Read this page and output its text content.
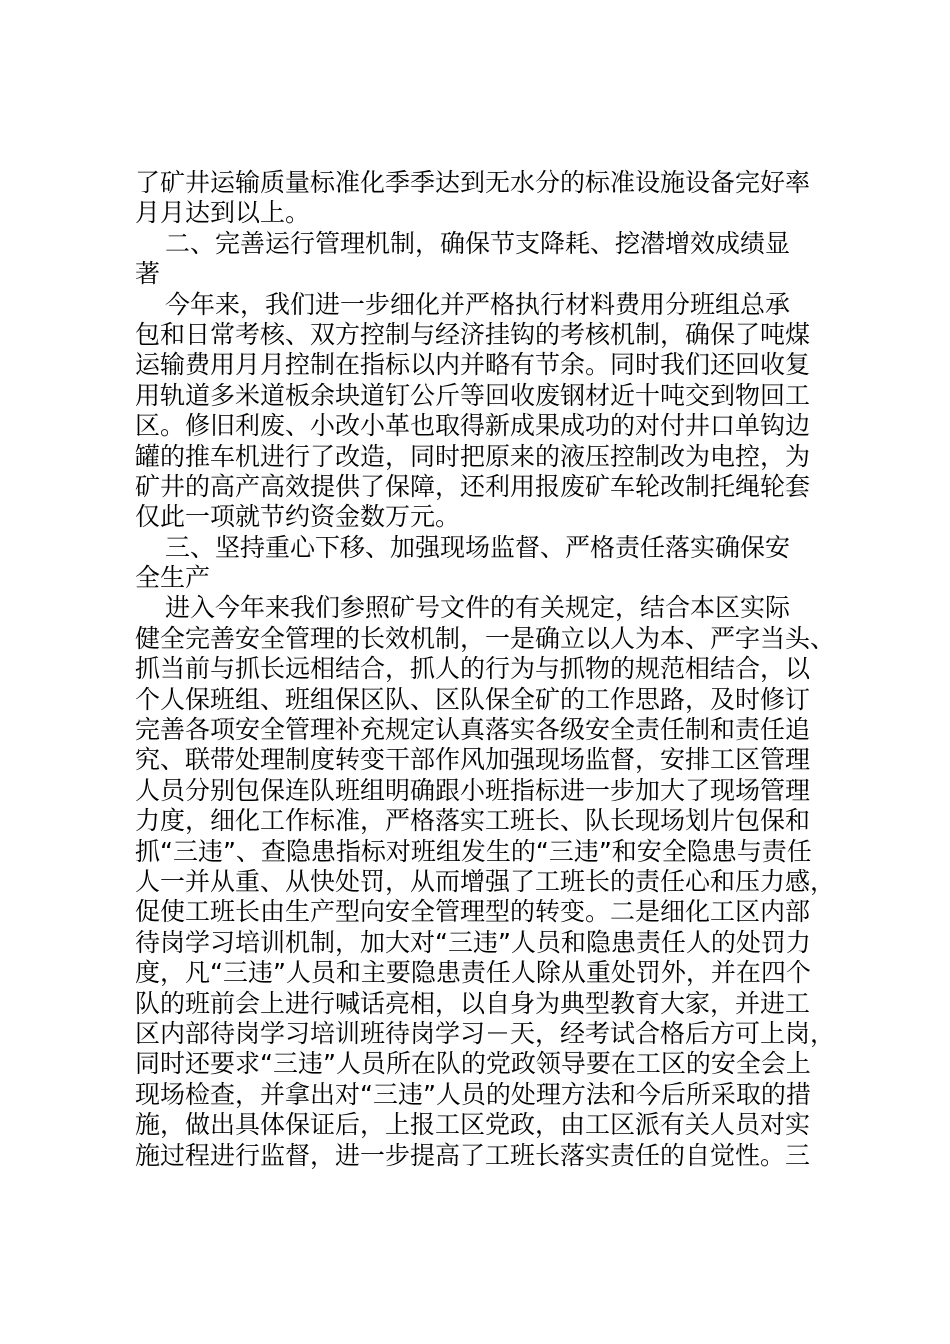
了矿井运输质量标准化季季达到无水分的标准设施设备完好率
月月达到以上。
二、完善运行管理机制，确保节支降耗、挖潜增效成绩显
著
今年来，我们进一步细化并严格执行材料费用分班组总承
包和日常考核、双方控制与经济挂钩的考核机制，确保了吨煤
运输费用月月控制在指标以内并略有节余。同时我们还回收复
用轨道多米道板余块道钉公斤等回收废钢材近十吨交到物回工
区。修旧利废、小改小革也取得新成果成功的对付井口单钩边
罐的推车机进行了改造，同时把原来的液压控制改为电控，为
矿井的高产高效提供了保障，还利用报废矿车轮改制托绳轮套
仅此一项就节约资金数万元。
三、坚持重心下移、加强现场监督、严格责任落实确保安
全生产
进入今年来我们参照矿号文件的有关规定，结合本区实际
健全完善安全管理的长效机制，一是确立以人为本、严字当头、
抓当前与抓长远相结合，抓人的行为与抓物的规范相结合，以
个人保班组、班组保区队、区队保全矿的工作思路，及时修订
完善各项安全管理补充规定认真落实各级安全责任制和责任追
究、联带处理制度转变干部作风加强现场监督，安排工区管理
人员分别包保连队班组明确跟小班指标进一步加大了现场管理
力度，细化工作标准，严格落实工班长、队长现场划片包保和
抓“三违”、查隐患指标对班组发生的“三违”和安全隐患与责任
人一并从重、从快处罚，从而增强了工班长的责任心和压力感，
促使工班长由生产型向安全管理型的转变。二是细化工区内部
待岗学习培训机制，加大对“三违”人员和隐患责任人的处罚力
度，凡“三违”人员和主要隐患责任人除从重处罚外，并在四个
队的班前会上进行喊话亮相，以自身为典型教育大家，并进工
区内部待岗学习培训班待岗学习－天，经考试合格后方可上岗，
同时还要求“三违”人员所在队的党政领导要在工区的安全会上
现场检查，并拿出对“三违”人员的处理方法和今后所采取的措
施，做出具体保证后，上报工区党政，由工区派有关人员对实
施过程进行监督，进一步提高了工班长落实责任的自觉性。三
